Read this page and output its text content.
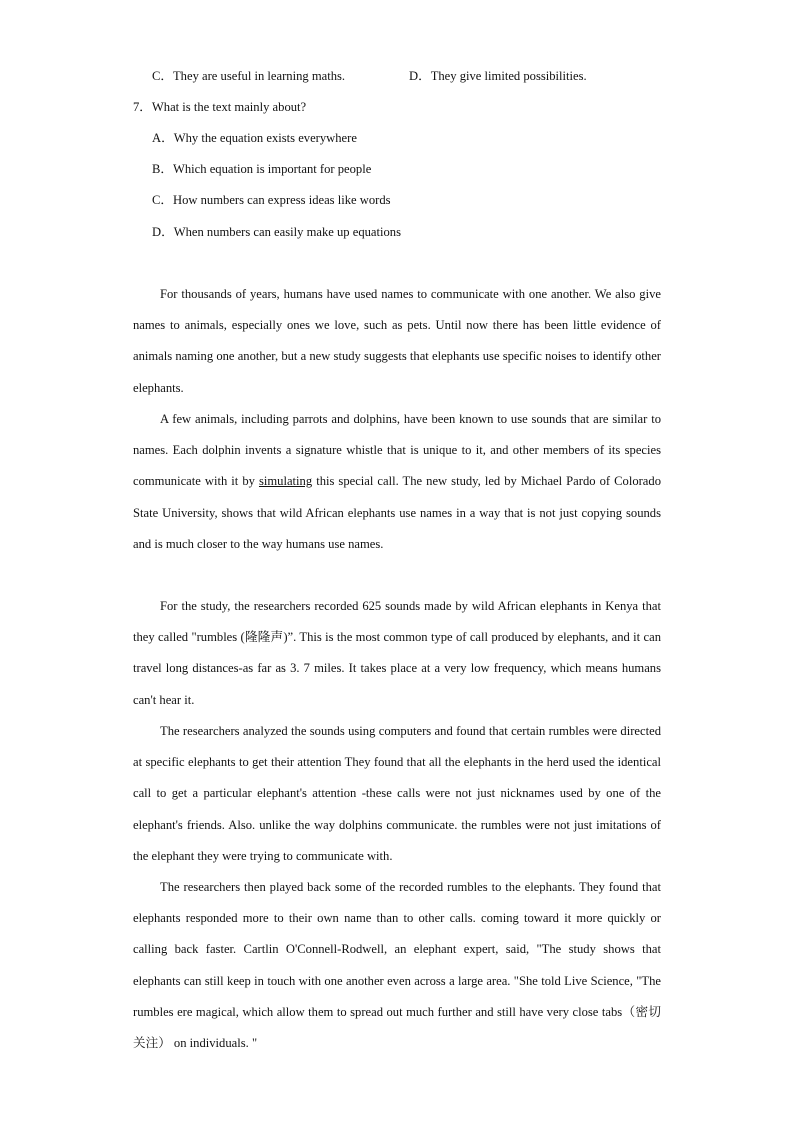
C．They are useful in learning maths.	D．They give limited possibilities.
7．What is the text mainly about?
A．Why the equation exists everywhere
B．Which equation is important for people
C．How numbers can express ideas like words
D．When numbers can easily make up equations

For thousands of years, humans have used names to communicate with one another. We also give names to animals, especially ones we love, such as pets. Until now there has been little evidence of animals naming one another, but a new study suggests that elephants use specific noises to identify other elephants.

A few animals, including parrots and dolphins, have been known to use sounds that are similar to names. Each dolphin invents a signature whistle that is unique to it, and other members of its species communicate with it by simulating this special call. The new study, led by Michael Pardo of Colorado State University, shows that wild African elephants use names in a way that is not just copying sounds and is much closer to the way humans use names.

For the study, the researchers recorded 625 sounds made by wild African elephants in Kenya that they called "rumbles (隆隆声)”. This is the most common type of call produced by elephants, and it can travel long distances-as far as 3. 7 miles. It takes place at a very low frequency, which means humans can't hear it.

The researchers analyzed the sounds using computers and found that certain rumbles were directed at specific elephants to get their attention They found that all the elephants in the herd used the identical call to get a particular elephant's attention -these calls were not just nicknames used by one of the elephant's friends. Also. unlike the way dolphins communicate. the rumbles were not just imitations of the elephant they were trying to communicate with.

The researchers then played back some of the recorded rumbles to the elephants. They found that elephants responded more to their own name than to other calls. coming toward it more quickly or calling back faster. Cartlin O'Connell-Rodwell, an elephant expert, said, "The study shows that elephants can still keep in touch with one another even across a large area. "She told Live Science, "The rumbles ere magical, which allow them to spread out much further and still have very close tabs（密切关注） on individuals. "
